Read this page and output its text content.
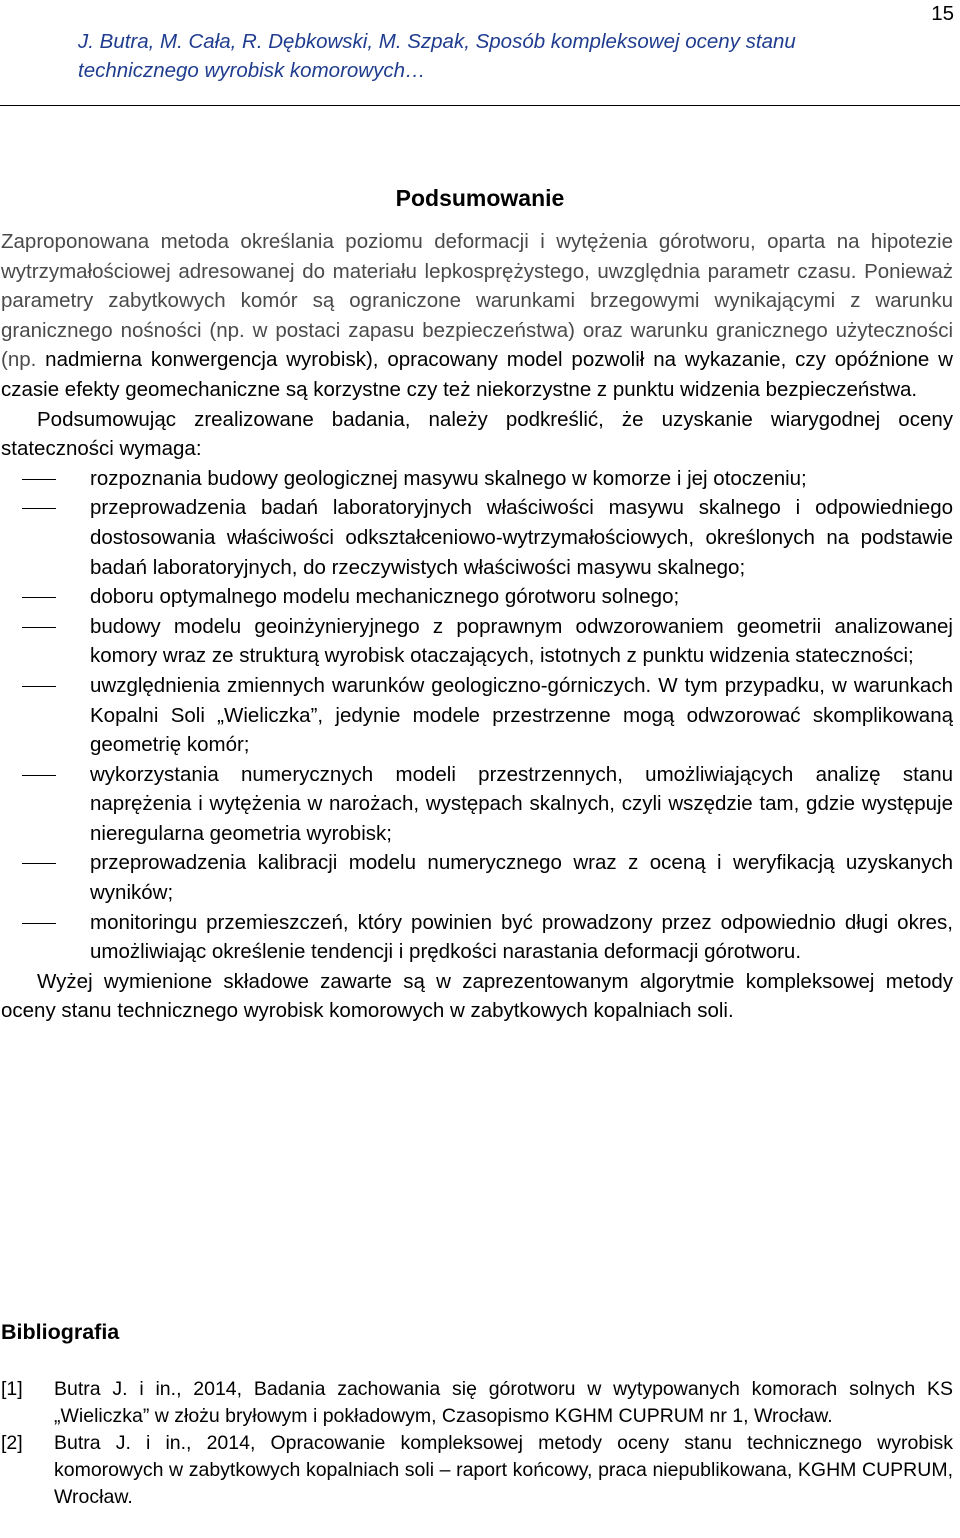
J. Butra, M. Cała, R. Dębkowski, M. Szpak, Sposób kompleksowej oceny stanu
technicznego wyrobisk komorowych…
15
Podsumowanie

Zaproponowana metoda określania poziomu deformacji i wytężenia górotworu, oparta na hipotezie wytrzymałościowej adresowanej do materiału lepkosprężystego, uwzględnia parametr czasu. Ponieważ parametry zabytkowych komór są ograniczone warunkami brzegowymi wynikającymi z warunku granicznego nośności (np. w postaci zapasu bezpieczeństwa) oraz warunku granicznego użyteczności (np. nadmierna konwergencja wyrobisk), opracowany model pozwolił na wykazanie, czy opóźnione w czasie efekty geomechaniczne są korzystne czy też niekorzystne z punktu widzenia bezpieczeństwa.

Podsumowując zrealizowane badania, należy podkreślić, że uzyskanie wiarygodnej oceny stateczności wymaga:

rozpoznania budowy geologicznej masywu skalnego w komorze i jej otoczeniu;
przeprowadzenia badań laboratoryjnych właściwości masywu skalnego i odpowiedniego dostosowania właściwości odkształceniowo-wytrzymałościowych, określonych na podstawie badań laboratoryjnych, do rzeczywistych właściwości masywu skalnego;
doboru optymalnego modelu mechanicznego górotworu solnego;
budowy modelu geoinżynieryjnego z poprawnym odwzorowaniem geometrii analizowanej komory wraz ze strukturą wyrobisk otaczających, istotnych z punktu widzenia stateczności;
uwzględnienia zmiennych warunków geologiczno-górniczych. W tym przypadku, w warunkach Kopalni Soli „Wieliczka”, jedynie modele przestrzenne mogą odwzorować skomplikowaną geometrię komór;
wykorzystania numerycznych modeli przestrzennych, umożliwiających analizę stanu naprężenia i wytężenia w narożach, występach skalnych, czyli wszędzie tam, gdzie występuje nieregularna geometria wyrobisk;
przeprowadzenia kalibracji modelu numerycznego wraz z oceną i weryfikacją uzyskanych wyników;
monitoringu przemieszczeń, który powinien być prowadzony przez odpowiednio długi okres, umożliwiając określenie tendencji i prędkości narastania deformacji górotworu.

Wyżej wymienione składowe zawarte są w zaprezentowanym algorytmie kompleksowej metody oceny stanu technicznego wyrobisk komorowych w zabytkowych kopalniach soli.

Bibliografia
[1] Butra J. i in., 2014, Badania zachowania się górotworu w wytypowanych komorach solnych KS „Wieliczka” w złożu bryłowym i pokładowym, Czasopismo KGHM CUPRUM nr 1, Wrocław.
[2] Butra J. i in., 2014, Opracowanie kompleksowej metody oceny stanu technicznego wyrobisk komorowych w zabytkowych kopalniach soli – raport końcowy, praca niepublikowana, KGHM CUPRUM, Wrocław.
